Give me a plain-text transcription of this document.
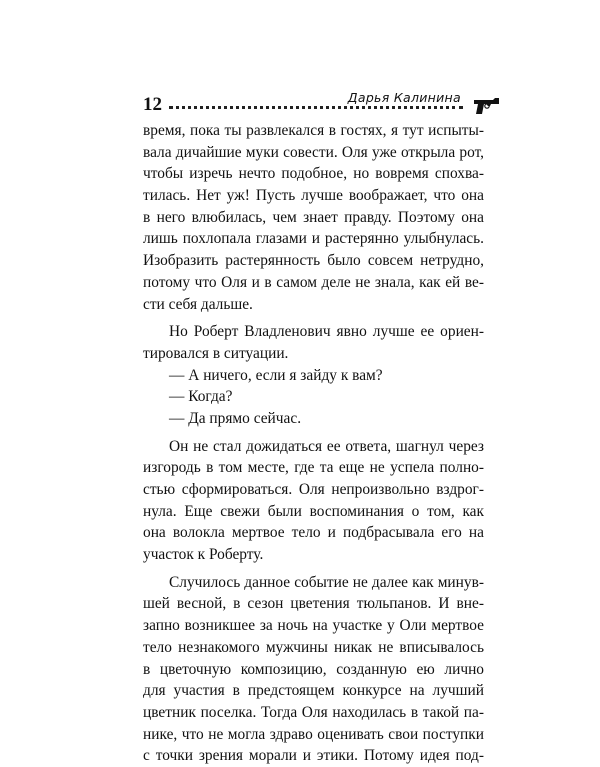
12	Дарья Калинина
время, пока ты развлекался в гостях, я тут испыты-
вала дичайшие муки совести. Оля уже открыла рот,
чтобы изречь нечто подобное, но вовремя спохва-
тилась. Нет уж! Пусть лучше воображает, что она
в него влюбилась, чем знает правду. Поэтому она
лишь похлопала глазами и растерянно улыбнулась.
Изобразить растерянность было совсем нетрудно,
потому что Оля и в самом деле не знала, как ей ве-
сти себя дальше.
Но Роберт Владленович явно лучше ее ориен-
тировался в ситуации.
— А ничего, если я зайду к вам?
— Когда?
— Да прямо сейчас.
Он не стал дожидаться ее ответа, шагнул через
изгородь в том месте, где та еще не успела полно-
стью сформироваться. Оля непроизвольно вздрог-
нула. Еще свежи были воспоминания о том, как
она волокла мертвое тело и подбрасывала его на
участок к Роберту.
Случилось данное событие не далее как минув-
шей весной, в сезон цветения тюльпанов. И вне-
запно возникшее за ночь на участке у Оли мертвое
тело незнакомого мужчины никак не вписывалось
в цветочную композицию, созданную ею лично
для участия в предстоящем конкурсе на лучший
цветник поселка. Тогда Оля находилась в такой па-
нике, что не могла здраво оценивать свои поступки
с точки зрения морали и этики. Потому идея под-
